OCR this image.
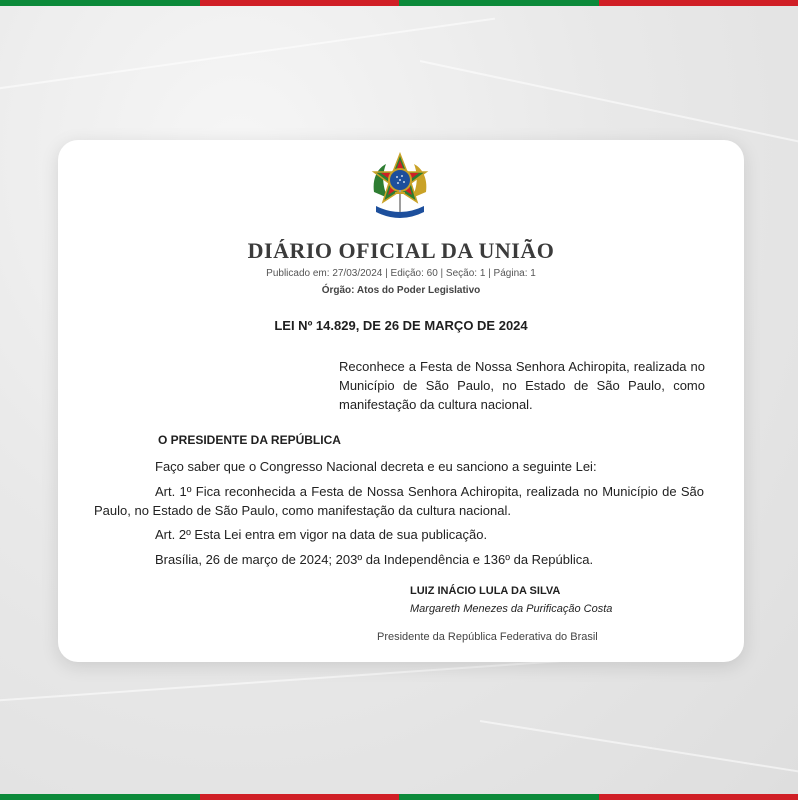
DIÁRIO OFICIAL DA UNIÃO
Publicado em: 27/03/2024 | Edição: 60 | Seção: 1 | Página: 1
Órgão: Atos do Poder Legislativo
LEI Nº 14.829, DE 26 DE MARÇO DE 2024
Reconhece a Festa de Nossa Senhora Achiropita, realizada no Município de São Paulo, no Estado de São Paulo, como manifestação da cultura nacional.
O PRESIDENTE DA REPÚBLICA
Faço saber que o Congresso Nacional decreta e eu sanciono a seguinte Lei:
Art. 1º Fica reconhecida a Festa de Nossa Senhora Achiropita, realizada no Município de São Paulo, no Estado de São Paulo, como manifestação da cultura nacional.
Art. 2º Esta Lei entra em vigor na data de sua publicação.
Brasília, 26 de março de 2024; 203º da Independência e 136º da República.
LUIZ INÁCIO LULA DA SILVA
Margareth Menezes da Purificação Costa
Presidente da República Federativa do Brasil
